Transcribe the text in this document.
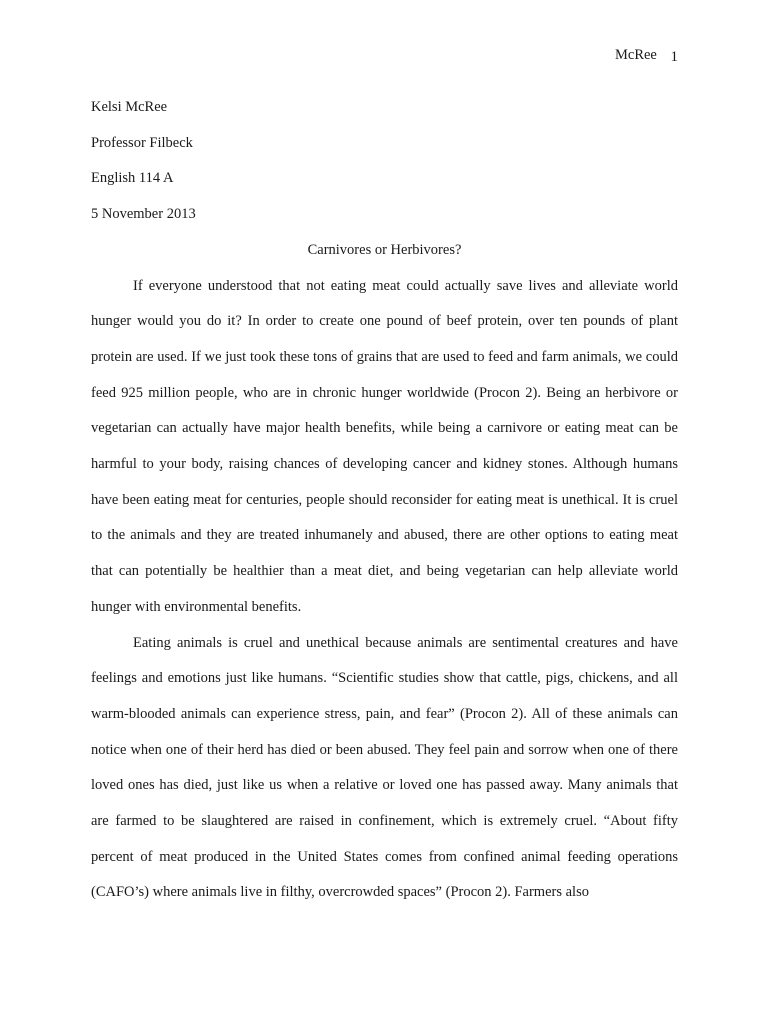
McRee 1
Kelsi McRee
Professor Filbeck
English 114 A
5 November 2013
Carnivores or Herbivores?

If everyone understood that not eating meat could actually save lives and alleviate world hunger would you do it? In order to create one pound of beef protein, over ten pounds of plant protein are used. If we just took these tons of grains that are used to feed and farm animals, we could feed 925 million people, who are in chronic hunger worldwide (Procon 2). Being an herbivore or vegetarian can actually have major health benefits, while being a carnivore or eating meat can be harmful to your body, raising chances of developing cancer and kidney stones. Although humans have been eating meat for centuries, people should reconsider for eating meat is unethical. It is cruel to the animals and they are treated inhumanely and abused, there are other options to eating meat that can potentially be healthier than a meat diet, and being vegetarian can help alleviate world hunger with environmental benefits.

Eating animals is cruel and unethical because animals are sentimental creatures and have feelings and emotions just like humans. “Scientific studies show that cattle, pigs, chickens, and all warm-blooded animals can experience stress, pain, and fear” (Procon 2). All of these animals can notice when one of their herd has died or been abused. They feel pain and sorrow when one of there loved ones has died, just like us when a relative or loved one has passed away. Many animals that are farmed to be slaughtered are raised in confinement, which is extremely cruel. “About fifty percent of meat produced in the United States comes from confined animal feeding operations (CAFO’s) where animals live in filthy, overcrowded spaces” (Procon 2). Farmers also
